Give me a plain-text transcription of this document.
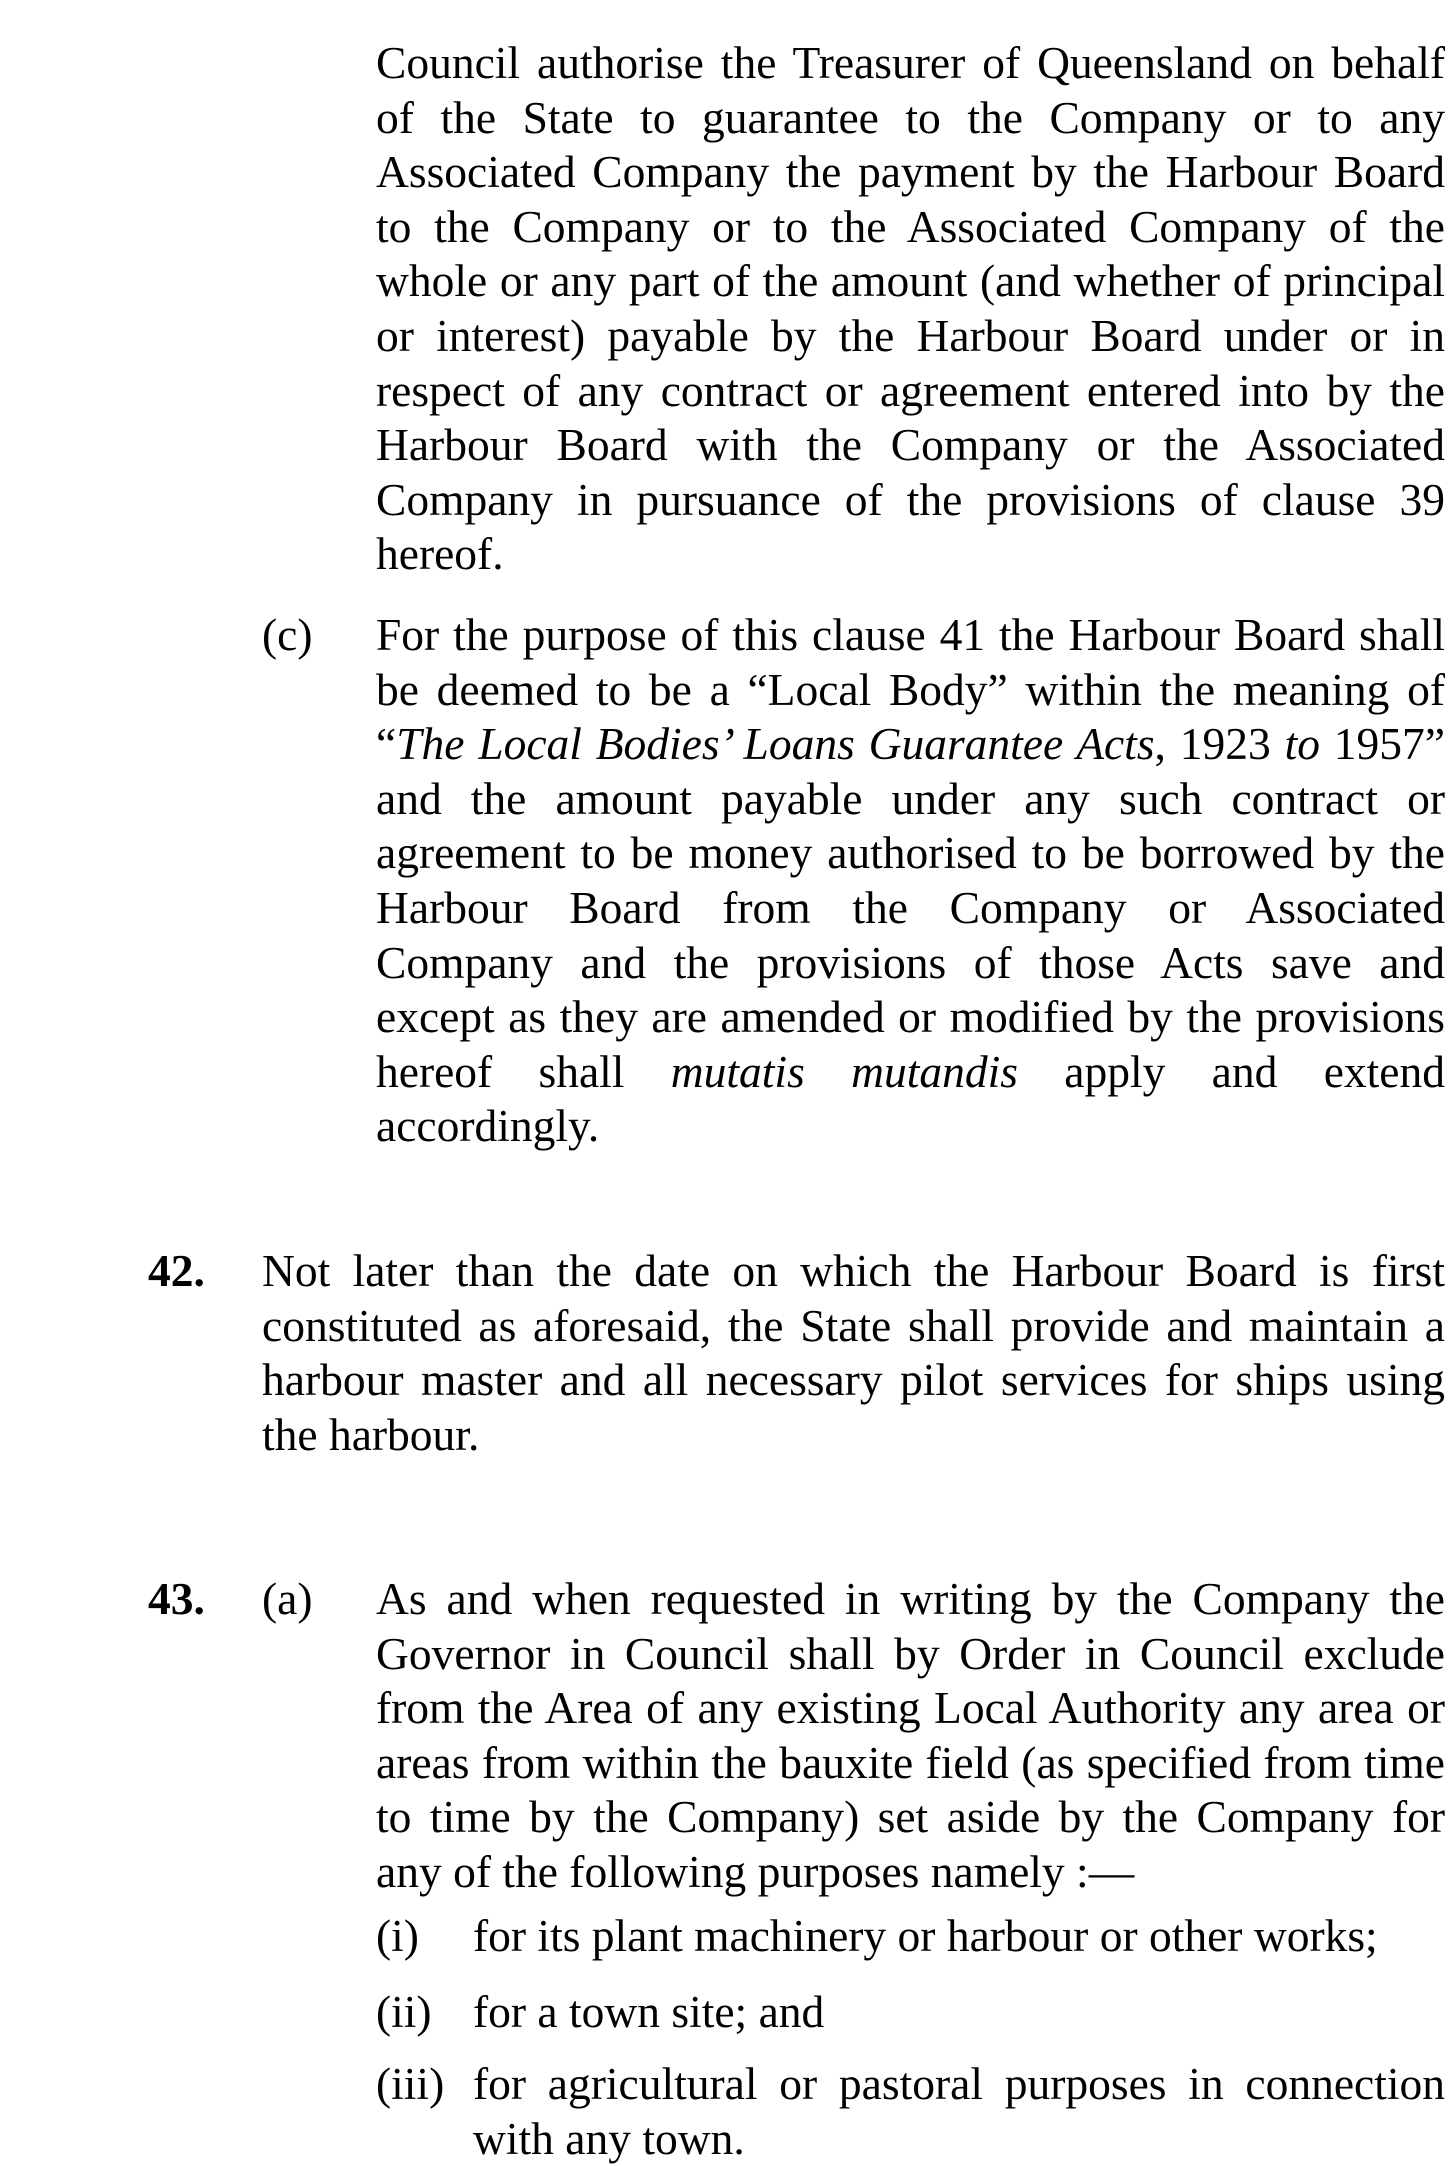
Council authorise the Treasurer of Queensland on behalf of the State to guarantee to the Company or to any Associated Company the payment by the Harbour Board to the Company or to the Associated Company of the whole or any part of the amount (and whether of principal or interest) payable by the Harbour Board under or in respect of any contract or agreement entered into by the Harbour Board with the Company or the Associated Company in pursuance of the provisions of clause 39 hereof.

(c) For the purpose of this clause 41 the Harbour Board shall be deemed to be a “Local Body” within the meaning of “The Local Bodies’ Loans Guarantee Acts, 1923 to 1957” and the amount payable under any such contract or agreement to be money authorised to be borrowed by the Harbour Board from the Company or Associated Company and the provisions of those Acts save and except as they are amended or modified by the provisions hereof shall mutatis mutandis apply and extend accordingly.

42. Not later than the date on which the Harbour Board is first constituted as aforesaid, the State shall provide and maintain a harbour master and all necessary pilot services for ships using the harbour.

43. (a) As and when requested in writing by the Company the Governor in Council shall by Order in Council exclude from the Area of any existing Local Authority any area or areas from within the bauxite field (as specified from time to time by the Company) set aside by the Company for any of the following purposes namely :—

(i) for its plant machinery or harbour or other works;

(ii) for a town site; and

(iii) for agricultural or pastoral purposes in connection with any town.
